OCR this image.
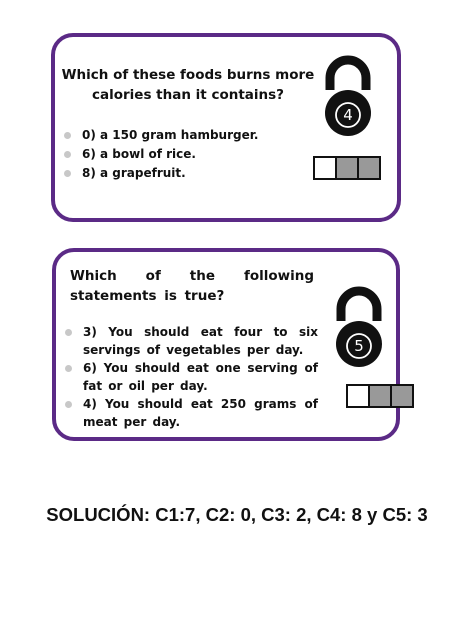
Which of these foods burns more calories than it contains?

0) a 150 gram hamburger.
6) a bowl of rice.
8) a grapefruit.
4

Which of the following statements is true?

3) You should eat four to six servings of vegetables per day.
6) You should eat one serving of fat or oil per day.
4) You should eat 250 grams of meat per day.
5

SOLUCIÓN: C1:7, C2: 0, C3: 2, C4: 8 y C5: 3
